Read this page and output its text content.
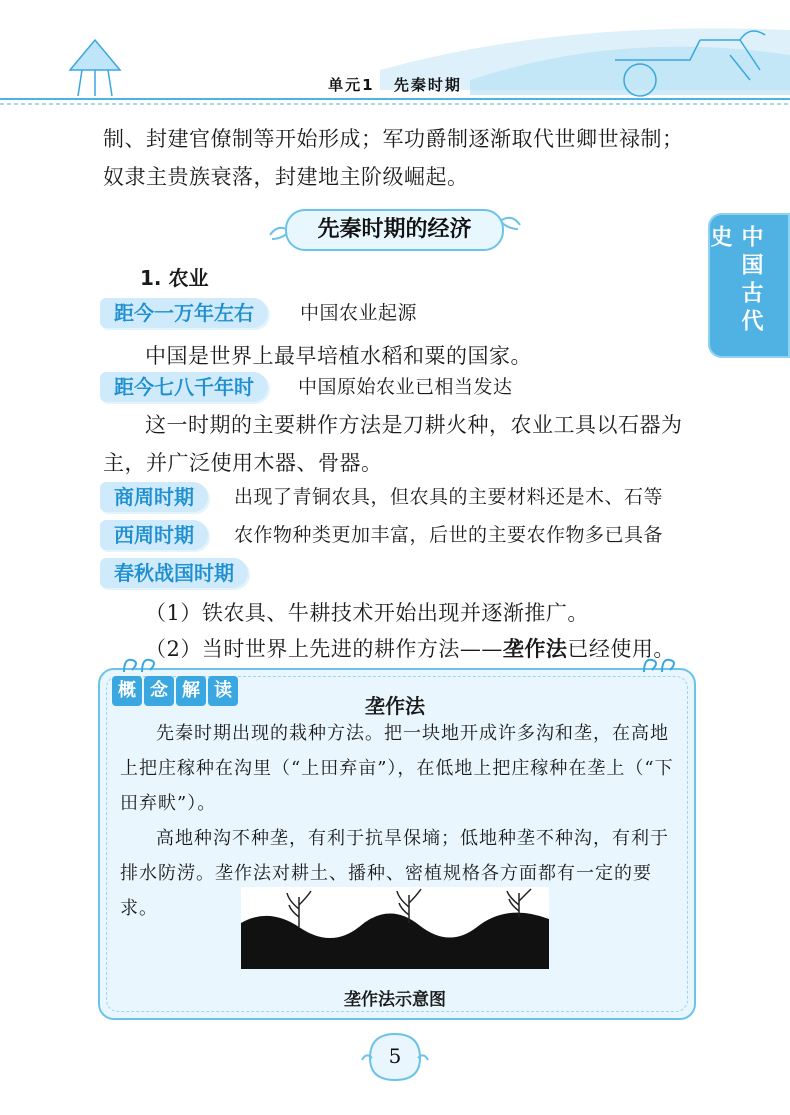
单元1 先秦时期
中国古代史
制、封建官僚制等开始形成；军功爵制逐渐取代世卿世禄制；奴隶主贵族衰落，封建地主阶级崛起。
先秦时期的经济
1. 农业
距今一万年左右	中国农业起源
中国是世界上最早培植水稻和粟的国家。
距今七八千年时	中国原始农业已相当发达
这一时期的主要耕作方法是刀耕火种，农业工具以石器为主，并广泛使用木器、骨器。
商周时期	出现了青铜农具，但农具的主要材料还是木、石等
西周时期	农作物种类更加丰富，后世的主要农作物多已具备
春秋战国时期
（1）铁农具、牛耕技术开始出现并逐渐推广。
（2）当时世界上先进的耕作方法——垄作法已经使用。
概 念 解 读
垄作法
先秦时期出现的栽种方法。把一块地开成许多沟和垄，在高地上把庄稼种在沟里（“上田弃亩”），在低地上把庄稼种在垄上（“下田弃畎”）。
高地种沟不种垄，有利于抗旱保墒；低地种垄不种沟，有利于排水防涝。垄作法对耕土、播种、密植规格各方面都有一定的要求。
垄作法示意图
5
